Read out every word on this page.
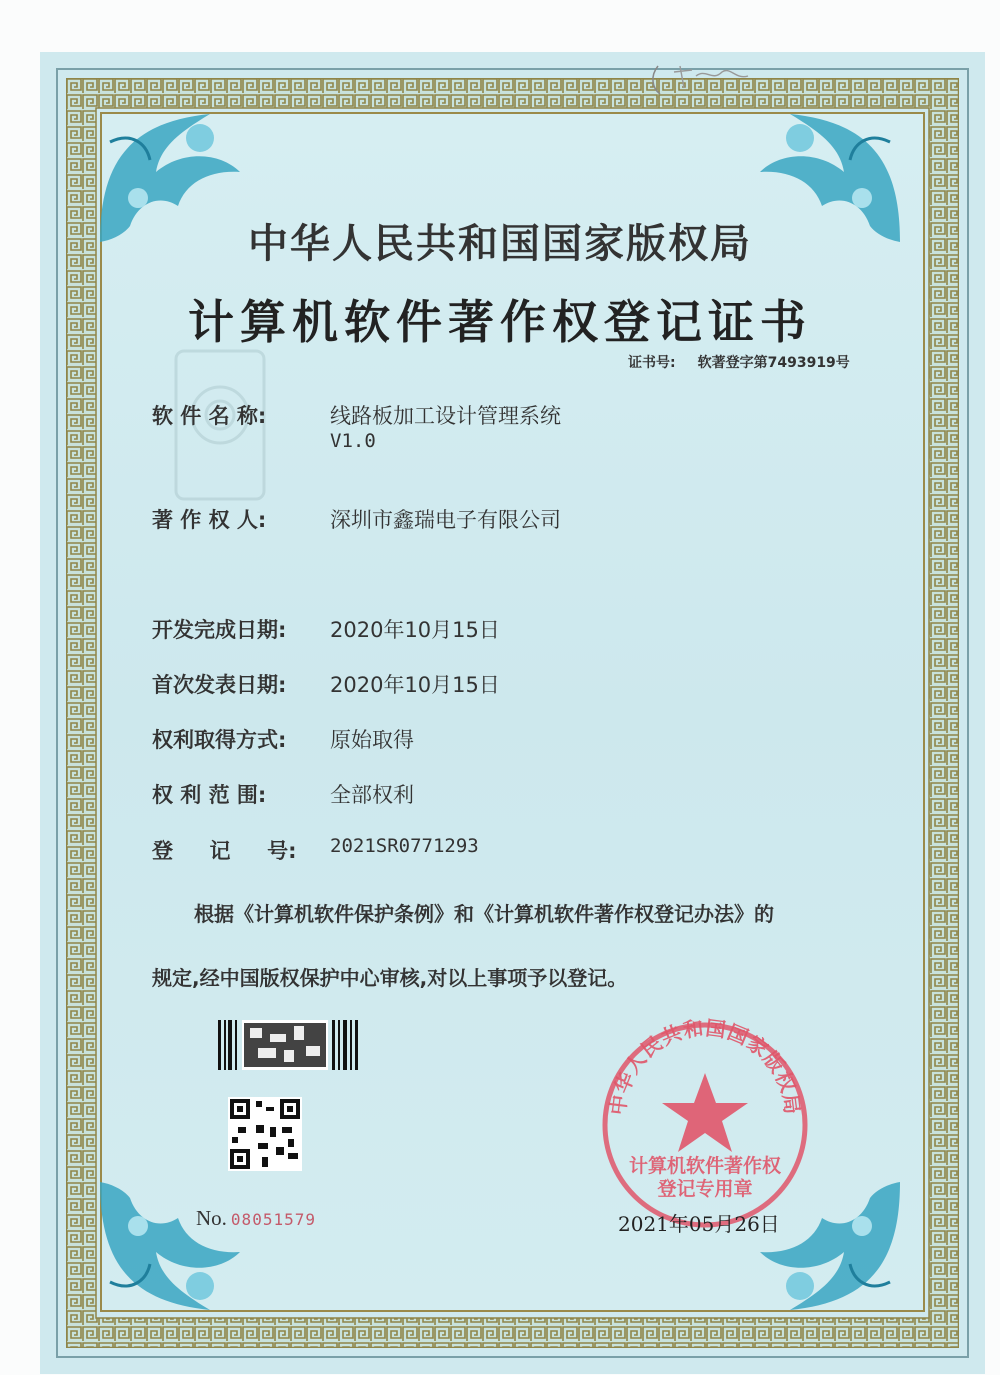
中华人民共和国国家版权局
计算机软件著作权登记证书
证书号: 软著登字第7493919号
软 件 名 称:	线路板加工设计管理系统
V1.0
著 作 权 人:	深圳市鑫瑞电子有限公司
开发完成日期:	2020年10月15日
首次发表日期:	2020年10月15日
权利取得方式:	原始取得
权 利 范 围:	全部权利
登     记     号:	2021SR0771293
根据《计算机软件保护条例》和《计算机软件著作权登记办法》的
规定,经中国版权保护中心审核,对以上事项予以登记。
No. 08051579
中华人民共和国国家版权局
计算机软件著作权
登记专用章
2021年05月26日
